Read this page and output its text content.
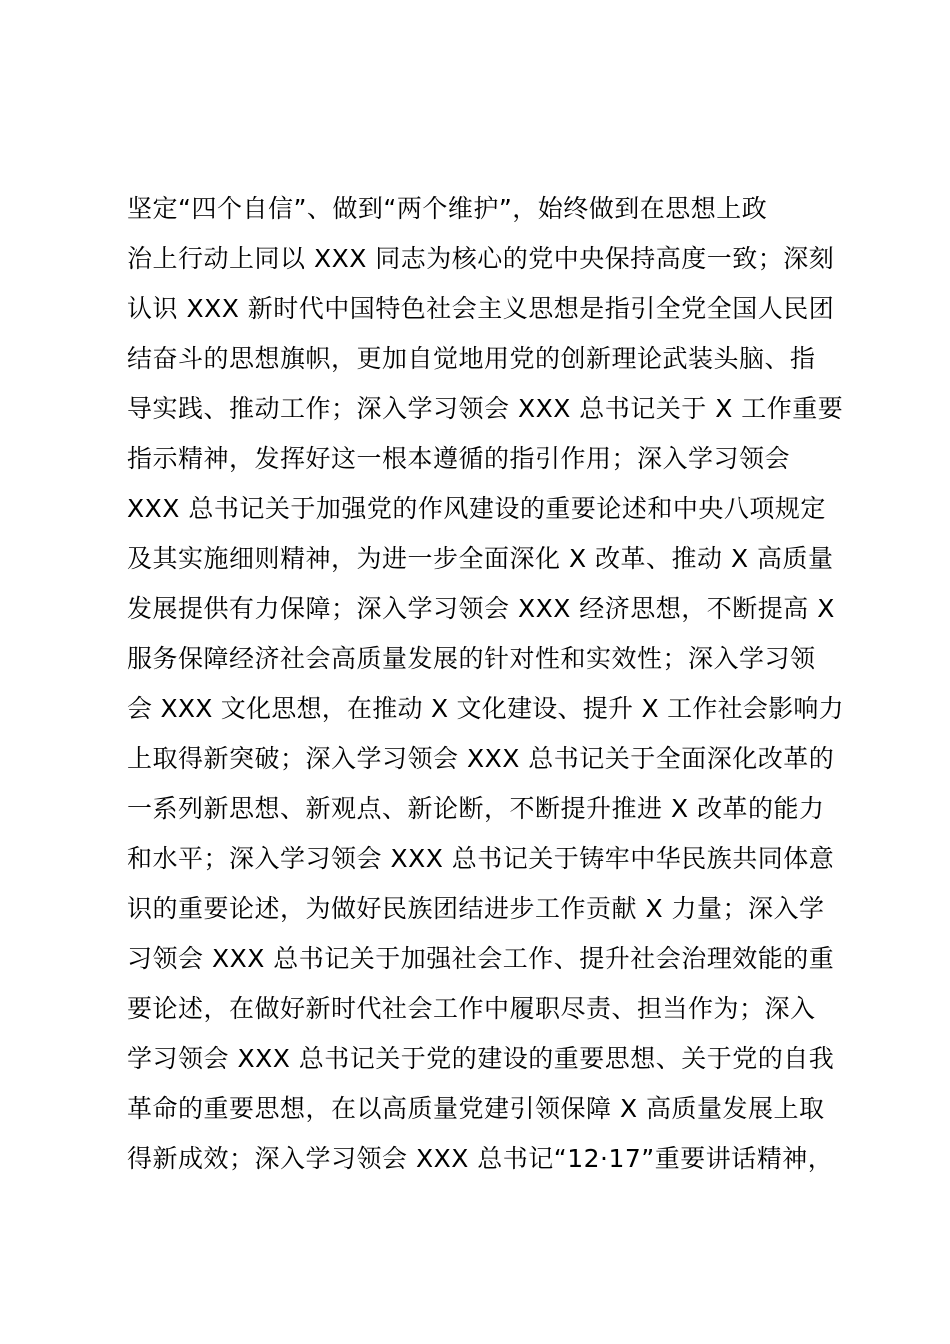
坚定“四个自信”、做到“两个维护”，始终做到在思想上政
治上行动上同以 XXX 同志为核心的党中央保持高度一致；深刻
认识 XXX 新时代中国特色社会主义思想是指引全党全国人民团
结奋斗的思想旗帜，更加自觉地用党的创新理论武装头脑、指
导实践、推动工作；深入学习领会 XXX 总书记关于 X 工作重要
指示精神，发挥好这一根本遵循的指引作用；深入学习领会
XXX 总书记关于加强党的作风建设的重要论述和中央八项规定
及其实施细则精神，为进一步全面深化 X 改革、推动 X 高质量
发展提供有力保障；深入学习领会 XXX 经济思想，不断提高 X
服务保障经济社会高质量发展的针对性和实效性；深入学习领
会 XXX 文化思想，在推动 X 文化建设、提升 X 工作社会影响力
上取得新突破；深入学习领会 XXX 总书记关于全面深化改革的
一系列新思想、新观点、新论断，不断提升推进 X 改革的能力
和水平；深入学习领会 XXX 总书记关于铸牢中华民族共同体意
识的重要论述，为做好民族团结进步工作贡献 X 力量；深入学
习领会 XXX 总书记关于加强社会工作、提升社会治理效能的重
要论述，在做好新时代社会工作中履职尽责、担当作为；深入
学习领会 XXX 总书记关于党的建设的重要思想、关于党的自我
革命的重要思想，在以高质量党建引领保障 X 高质量发展上取
得新成效；深入学习领会 XXX 总书记“12·17”重要讲话精神，
